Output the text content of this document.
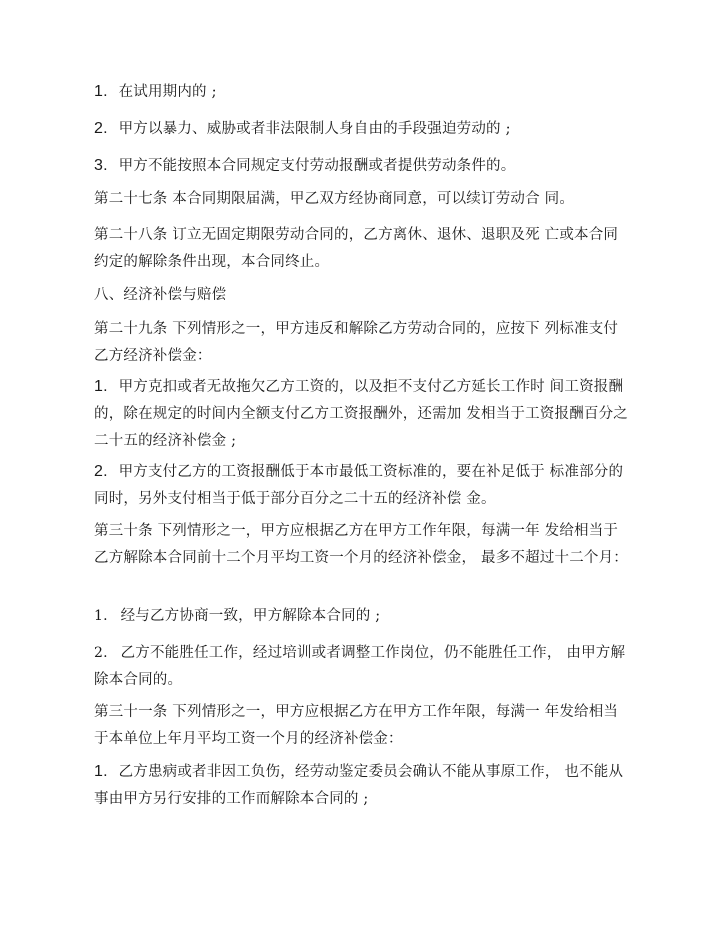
1. 在试用期内的 ;

2. 甲方以暴力、威胁或者非法限制人身自由的手段强迫劳动的 ;

3. 甲方不能按照本合同规定支付劳动报酬或者提供劳动条件的。

第二十七条 本合同期限届满，甲乙双方经协商同意，可以续订劳动合 同。

第二十八条 订立无固定期限劳动合同的，乙方离休、退休、退职及死 亡或本合同约定的解除条件出现，本合同终止。

八、经济补偿与赔偿

第二十九条 下列情形之一，甲方违反和解除乙方劳动合同的，应按下 列标准支付乙方经济补偿金：

1. 甲方克扣或者无故拖欠乙方工资的，以及拒不支付乙方延长工作时 间工资报酬的，除在规定的时间内全额支付乙方工资报酬外，还需加 发相当于工资报酬百分之二十五的经济补偿金 ;

2. 甲方支付乙方的工资报酬低于本市最低工资标准的，要在补足低于 标准部分的同时，另外支付相当于低于部分百分之二十五的经济补偿 金。

第三十条 下列情形之一，甲方应根据乙方在甲方工作年限，每满一年 发给相当于乙方解除本合同前十二个月平均工资一个月的经济补偿金， 最多不超过十二个月：

1. 经与乙方协商一致，甲方解除本合同的 ;

2. 乙方不能胜任工作，经过培训或者调整工作岗位，仍不能胜任工作， 由甲方解除本合同的。

第三十一条 下列情形之一，甲方应根据乙方在甲方工作年限，每满一 年发给相当于本单位上年月平均工资一个月的经济补偿金：

1. 乙方患病或者非因工负伤，经劳动鉴定委员会确认不能从事原工作， 也不能从事由甲方另行安排的工作而解除本合同的 ;
